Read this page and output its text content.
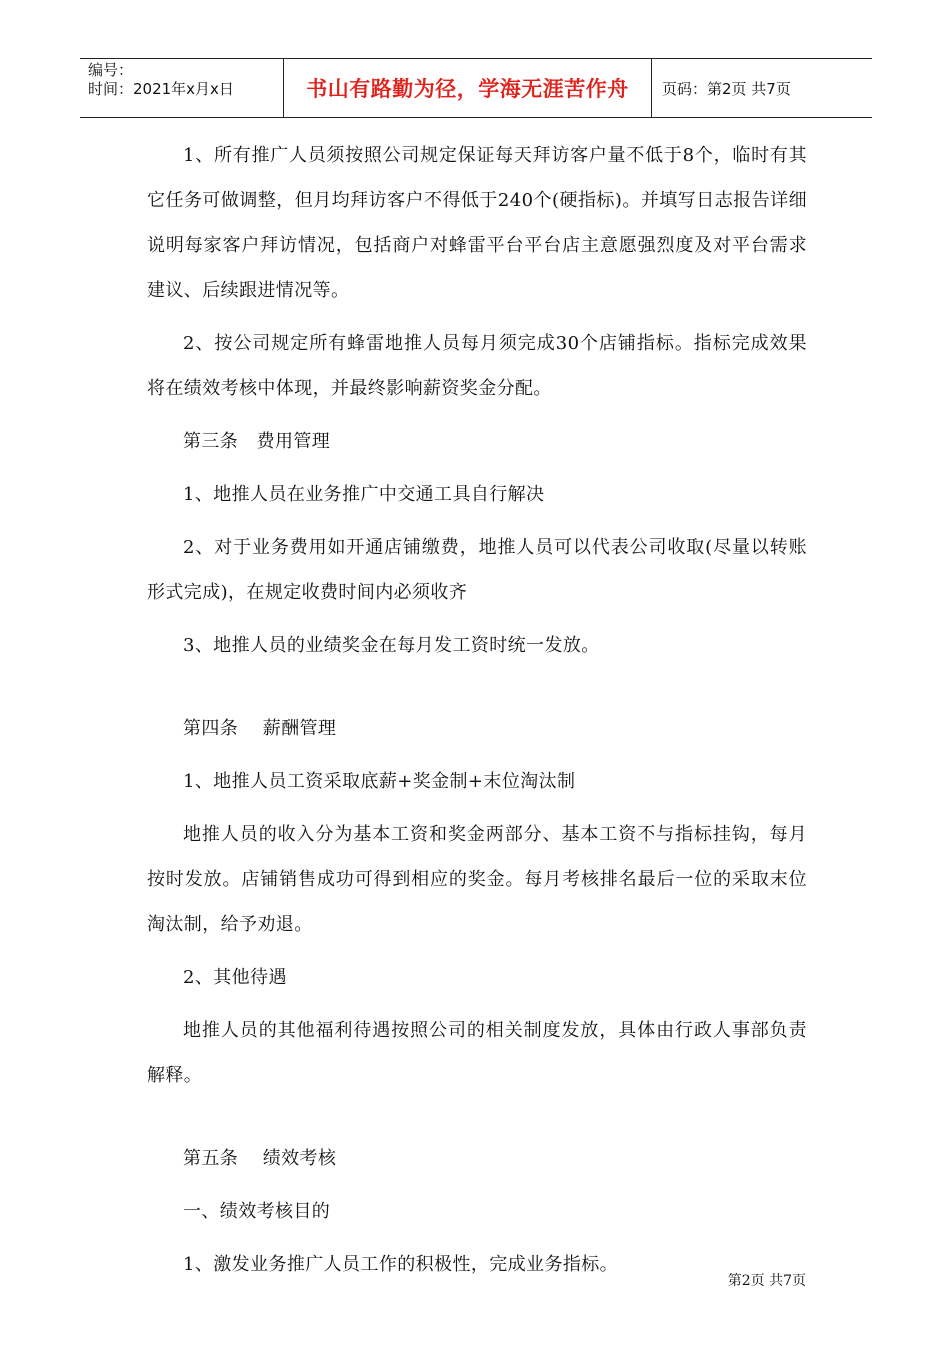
编号：
时间：2021年x月x日	书山有路勤为径，学海无涯苦作舟	页码：第2页 共7页

1、所有推广人员须按照公司规定保证每天拜访客户量不低于8个，临时有其它任务可做调整，但月均拜访客户不得低于240个(硬指标)。并填写日志报告详细说明每家客户拜访情况，包括商户对蜂雷平台平台店主意愿强烈度及对平台需求建议、后续跟进情况等。

2、按公司规定所有蜂雷地推人员每月须完成30个店铺指标。指标完成效果将在绩效考核中体现，并最终影响薪资奖金分配。

第三条　费用管理

1、地推人员在业务推广中交通工具自行解决

2、对于业务费用如开通店铺缴费，地推人员可以代表公司收取(尽量以转账形式完成)，在规定收费时间内必须收齐

3、地推人员的业绩奖金在每月发工资时统一发放。

第四条　 薪酬管理

1、地推人员工资采取底薪+奖金制+末位淘汰制

地推人员的收入分为基本工资和奖金两部分、基本工资不与指标挂钩，每月按时发放。店铺销售成功可得到相应的奖金。每月考核排名最后一位的采取末位淘汰制，给予劝退。

2、其他待遇

地推人员的其他福利待遇按照公司的相关制度发放，具体由行政人事部负责解释。

第五条　 绩效考核

一、绩效考核目的

1、激发业务推广人员工作的积极性，完成业务指标。

第2页 共7页
